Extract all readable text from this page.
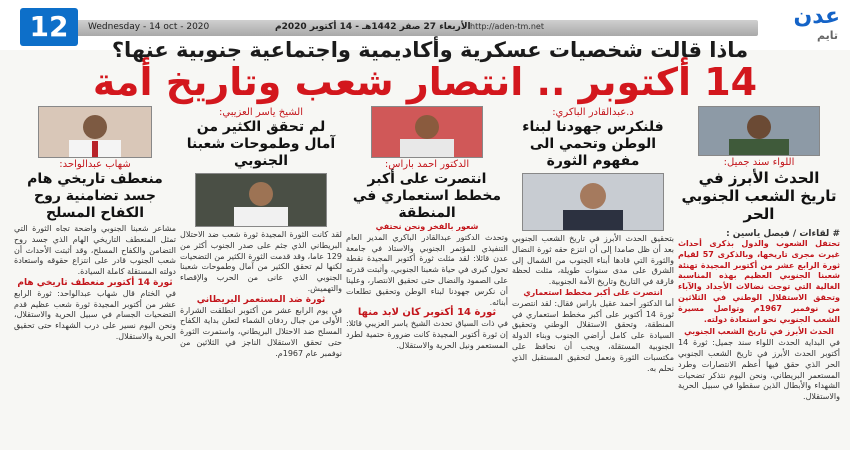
12	Wednesday - 14 oct - 2020	http://aden-tm.net
الأربعاء 27 صفر 1442هـ - 14 أكتوبر 2020م	عدن
تايم
ماذا قالت شخصيات عسكرية وأكاديمية واجتماعية جنوبية عنها؟
14 أكتوبر .. انتصار شعب وتاريخ أمة
اللواء سند جميل:
الحدث الأبرز في تاريخ الشعب الجنوبي الحر
# لقاءات / فيصل ياسين :
تحتفل الشعوب والدول بذكرى أحداث غيرت مجرى تاريخها، وبالذكرى 57 لقيام ثورة الرابع عشر من أكتوبر المجيدة تهنئة شعبنا الجنوبي العظيم بهذه المناسبة الغالية التي توجت نضالات الأجداد والآباء وتحقق الاستقلال الوطني في الثلاثين من نوفمبر 1967م وتواصل مسيرة الشعب الجنوبي نحو استعادة دولته.
الحدث الأبرز في تاريخ الشعب الجنوبي
في البداية الحدث اللواء سند جميل: ثورة 14 أكتوبر الحدث الأبرز في تاريخ الشعب الجنوبي الحر الذي حقق فيها أعظم الانتصارات وطرد المستعمر البريطاني، ونحن اليوم نتذكر تضحيات الشهداء والأبطال الذين سقطوا في سبيل الحرية والاستقلال.
د.عبدالقادر الباكري:
فلنكرس جهودنا لبناء الوطن وتحمي الى مفهوم الثورة
بتحقيق الحدث الأبرز في تاريخ الشعب الجنوبي بعد أن ظل صامدا إلى أن انتزع حقه ثورة النضال والثورة التي قادها أبناء الجنوب من الشمال إلى الشرق على مدى سنوات طويلة، مثلت لحظة فارقة في التاريخ وتاريخ الأمة الجنوبية.
انتصرت على أكبر مخطط استعماري
أما الدكتور أحمد عقيل باراس فقال: لقد انتصرت ثورة 14 أكتوبر على أكبر مخطط استعماري في المنطقة، وتحقق الاستقلال الوطني وتحقيق السيادة على كامل أراضي الجنوب وبناء الدولة الجنوبية المستقلة، ويجب أن نحافظ على مكتسبات الثورة ونعمل لتحقيق المستقبل الذي نحلم به.
الدكتور احمد باراس:
انتصرت على أكبر مخطط استعماري في المنطقة
شعور بالفخر ونحن نحتفي
وتحدث الدكتور عبدالقادر الباكري المدير العام التنفيذي للمؤتمر الجنوبي والاستاذ في جامعة عدن قائلا: لقد مثلت ثورة أكتوبر المجيدة نقطة تحول كبرى في حياة شعبنا الجنوبي، وأثبتت قدرته على الصمود والنضال حتى تحقيق الانتصار، وعلينا أن نكرس جهودنا لبناء الوطن وتحقيق تطلعات أبنائه.
ثورة 14 أكتوبر كان لابد منها
في ذات السياق تحدث الشيخ ياسر العزيبي قائلا: إن ثورة أكتوبر المجيدة كانت ضرورة حتمية لطرد المستعمر ونيل الحرية والاستقلال.
الشيخ ياسر العزيبي:
لم تحقق الكثير من آمال وطموحات شعبنا الجنوبي
لقد كانت الثورة المجيدة ثورة شعب ضد الاحتلال البريطاني الذي جثم على صدر الجنوب أكثر من 129 عاما، وقد قدمت الثورة الكثير من التضحيات لكنها لم تحقق الكثير من آمال وطموحات شعبنا الجنوبي الذي عانى من الحرب والإقصاء والتهميش.
ثورة ضد المستعمر البريطاني
في يوم الرابع عشر من أكتوبر انطلقت الشرارة الأولى من جبال ردفان الشماء لتعلن بداية الكفاح المسلح ضد الاحتلال البريطاني، واستمرت الثورة حتى تحقق الاستقلال الناجز في الثلاثين من نوفمبر عام 1967م.
شهاب عبدالواحد:
منعطف تاريخي هام جسد تضامنية روح الكفاح المسلح
مشاعر شعبنا الجنوبي واضحة تجاه الثورة التي تمثل المنعطف التاريخي الهام الذي جسد روح التضامن والكفاح المسلح، وقد أثبتت الأحداث أن شعب الجنوب قادر على انتزاع حقوقه واستعادة دولته المستقلة كاملة السيادة.
ثورة 14 أكتوبر منعطف تاريخي هام
في الختام قال شهاب عبدالواحد: ثورة الرابع عشر من أكتوبر المجيدة ثورة شعب عظيم قدم التضحيات الجسام في سبيل الحرية والاستقلال، ونحن اليوم نسير على درب الشهداء حتى تحقيق الحرية والاستقلال.
